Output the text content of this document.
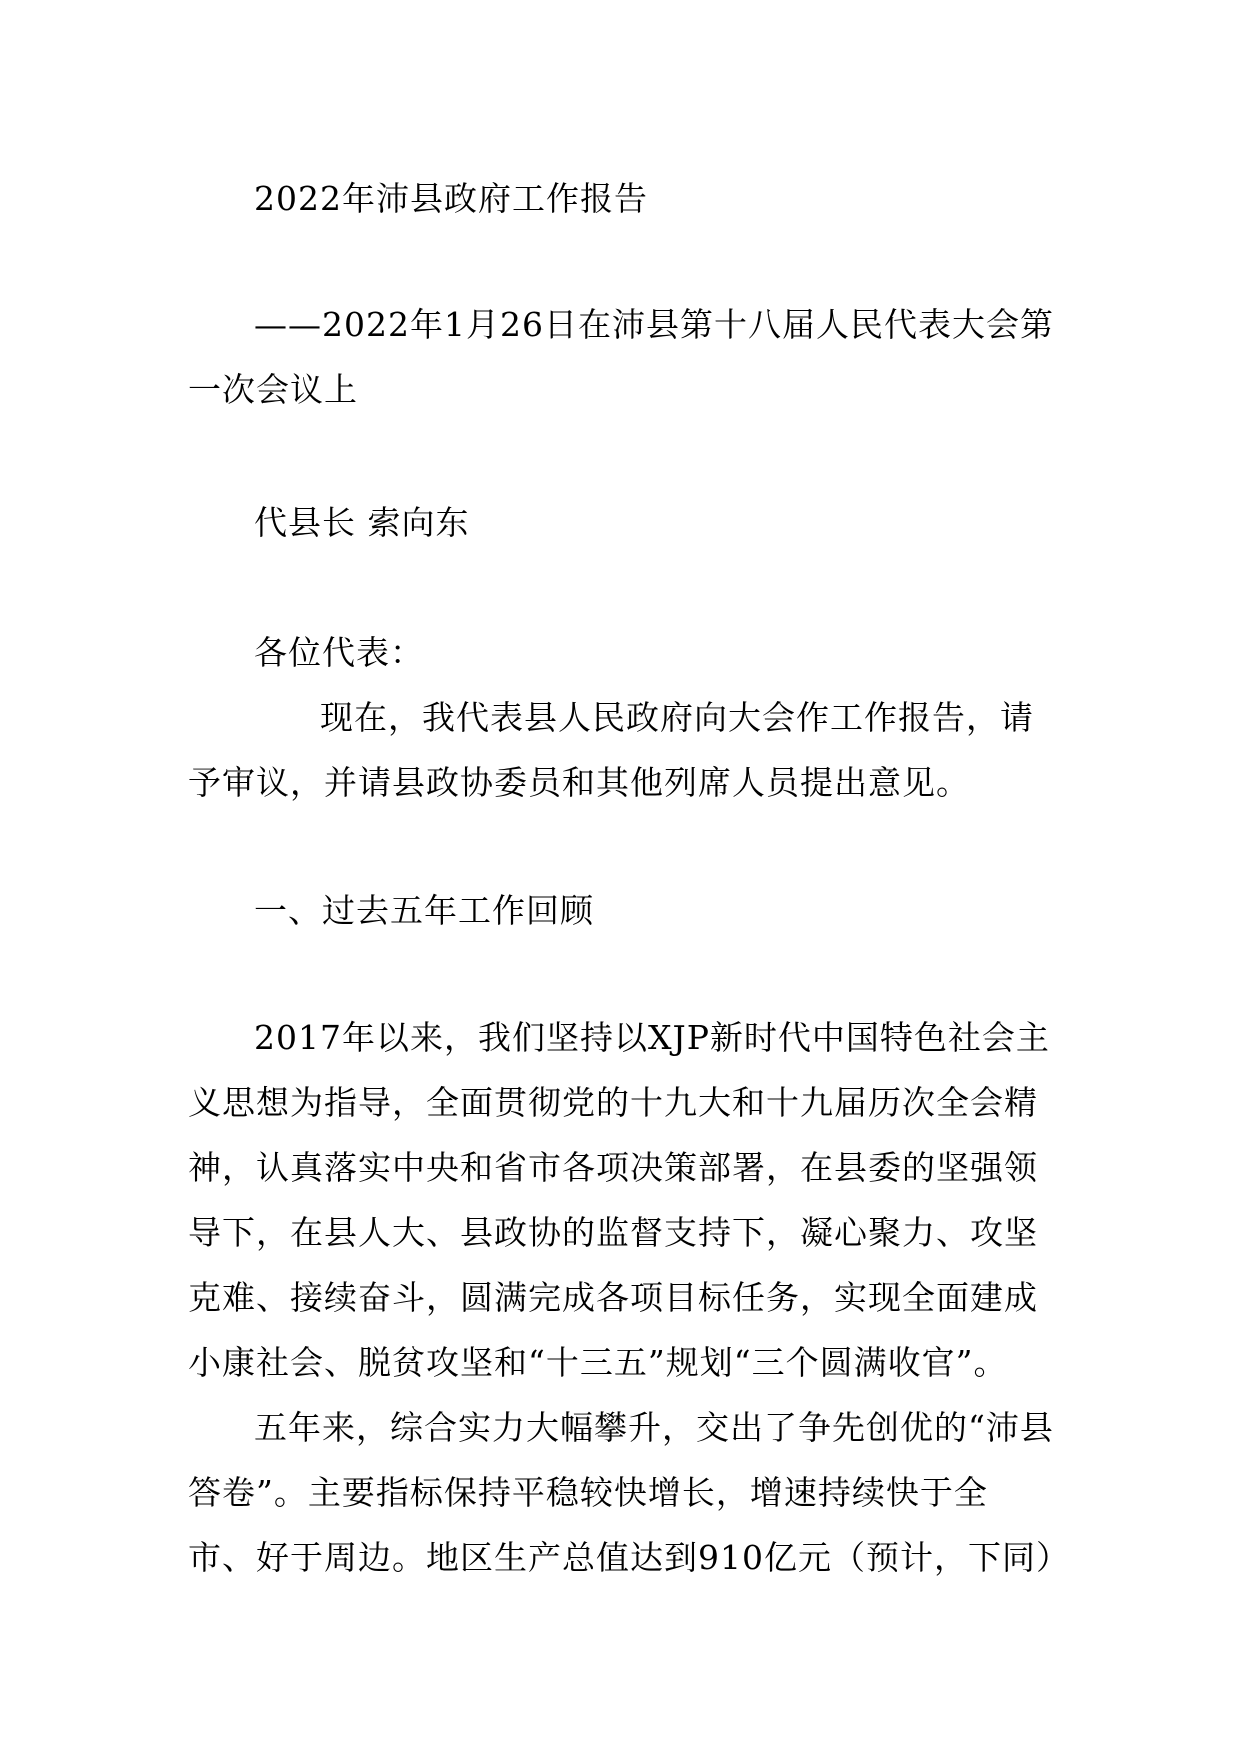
2022年沛县政府工作报告

——2022年1月26日在沛县第十八届人民代表大会第一次会议上

代县长 索向东

各位代表：

现在，我代表县人民政府向大会作工作报告，请予审议，并请县政协委员和其他列席人员提出意见。

一、过去五年工作回顾

2017年以来，我们坚持以XJP新时代中国特色社会主义思想为指导，全面贯彻党的十九大和十九届历次全会精神，认真落实中央和省市各项决策部署，在县委的坚强领导下，在县人大、县政协的监督支持下，凝心聚力、攻坚克难、接续奋斗，圆满完成各项目标任务，实现全面建成小康社会、脱贫攻坚和“十三五”规划“三个圆满收官”。

五年来，综合实力大幅攀升，交出了争先创优的“沛县答卷”。主要指标保持平稳较快增长，增速持续快于全市、好于周边。地区生产总值达到910亿元（预计，下同）
